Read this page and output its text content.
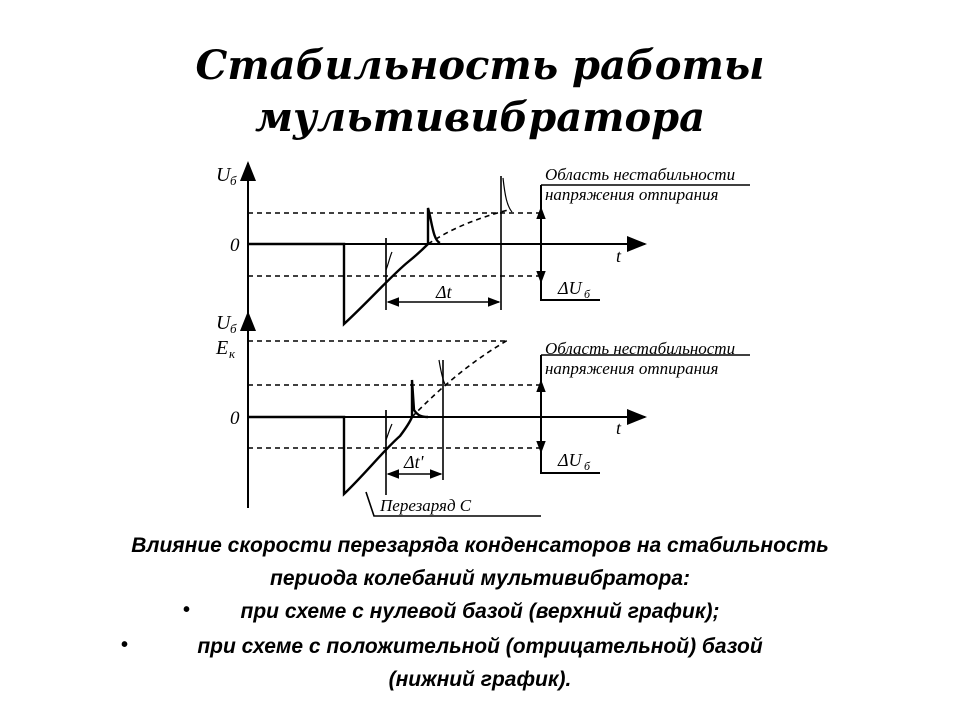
Стабильность работы
мультивибратора
U б
0	t
Δt
Область нестабильности
напряжения отпирания
ΔU б
U б
E к
0	t
Δt'
Область нестабильности
напряжения отпирания
ΔU б
Перезаряд С
Влияние скорости перезаряда конденсаторов на стабильность
периода колебаний мультивибратора:
•	при схеме с нулевой базой (верхний график);
•	при схеме с положительной (отрицательной) базой
(нижний график).
